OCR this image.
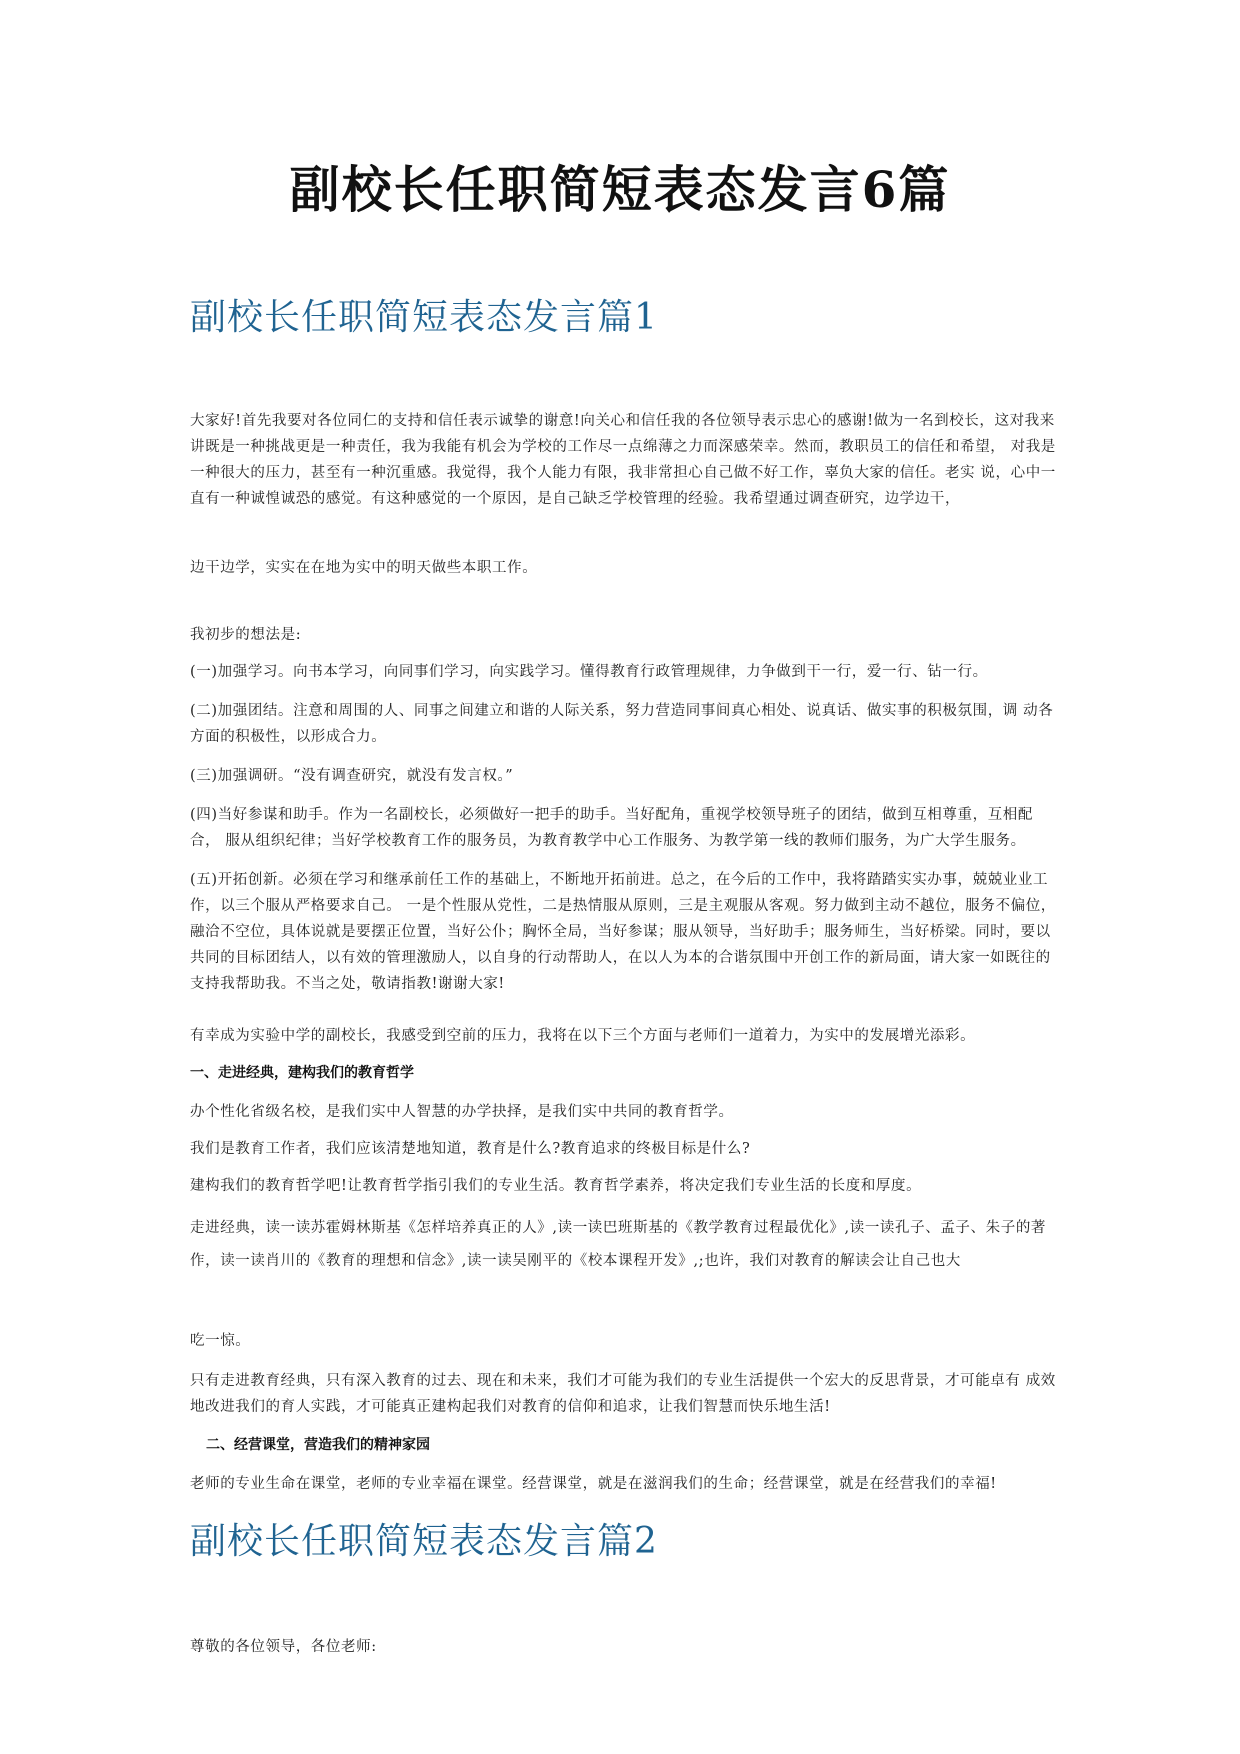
副校长任职简短表态发言6篇
副校长任职简短表态发言篇1

大家好!首先我要对各位同仁的支持和信任表示诚挚的谢意!向关心和信任我的各位领导表示忠心的感谢!做为一名到校长，这对我来讲既是一种挑战更是一种责任，我为我能有机会为学校的工作尽一点绵薄之力而深感荣幸。然而，教职员工的信任和希望， 对我是一种很大的压力，甚至有一种沉重感。我觉得，我个人能力有限，我非常担心自己做不好工作，辜负大家的信任。老实 说，心中一直有一种诚惶诚恐的感觉。有这种感觉的一个原因，是自己缺乏学校管理的经验。我希望通过调查研究，边学边干，

边干边学，实实在在地为实中的明天做些本职工作。

我初步的想法是:

(一)加强学习。向书本学习，向同事们学习，向实践学习。懂得教育行政管理规律，力争做到干一行，爱一行、钻一行。

(二)加强团结。注意和周围的人、同事之间建立和谐的人际关系，努力营造同事间真心相处、说真话、做实事的积极氛围，调 动各方面的积极性，以形成合力。

(三)加强调研。“没有调查研究，就没有发言权。”

(四)当好参谋和助手。作为一名副校长，必须做好一把手的助手。当好配角，重视学校领导班子的团结，做到互相尊重，互相配合， 服从组织纪律；当好学校教育工作的服务员，为教育教学中心工作服务、为教学第一线的教师们服务，为广大学生服务。

(五)开拓创新。必须在学习和继承前任工作的基础上，不断地开拓前进。总之，在今后的工作中，我将踏踏实实办事，兢兢业业工作，以三个服从严格要求自己。 一是个性服从党性，二是热情服从原则，三是主观服从客观。努力做到主动不越位，服务不偏位，融洽不空位，具体说就是要摆正位置，当好公仆；胸怀全局，当好参谋；服从领导，当好助手；服务师生，当好桥梁。同时，要以共同的目标团结人，以有效的管理激励人，以自身的行动帮助人，在以人为本的合谐氛围中开创工作的新局面，请大家一如既往的支持我帮助我。不当之处，敬请指教!谢谢大家!

有幸成为实验中学的副校长，我感受到空前的压力，我将在以下三个方面与老师们一道着力，为实中的发展增光添彩。

一、走进经典，建构我们的教育哲学

办个性化省级名校，是我们实中人智慧的办学抉择，是我们实中共同的教育哲学。

我们是教育工作者，我们应该清楚地知道，教育是什么?教育追求的终极目标是什么?

建构我们的教育哲学吧!让教育哲学指引我们的专业生活。教育哲学素养，将决定我们专业生活的长度和厚度。

走进经典，读一读苏霍姆林斯基《怎样培养真正的人》,读一读巴班斯基的《教学教育过程最优化》,读一读孔子、孟子、朱子的著作，读一读肖川的《教育的理想和信念》,读一读吴刚平的《校本课程开发》,;也许，我们对教育的解读会让自己也大

吃一惊。

只有走进教育经典，只有深入教育的过去、现在和未来，我们才可能为我们的专业生活提供一个宏大的反思背景，才可能卓有 成效地改进我们的育人实践，才可能真正建构起我们对教育的信仰和追求，让我们智慧而快乐地生活!

二、经营课堂，营造我们的精神家园

老师的专业生命在课堂，老师的专业幸福在课堂。经营课堂，就是在滋润我们的生命；经营课堂，就是在经营我们的幸福!

副校长任职简短表态发言篇2

尊敬的各位领导，各位老师:
